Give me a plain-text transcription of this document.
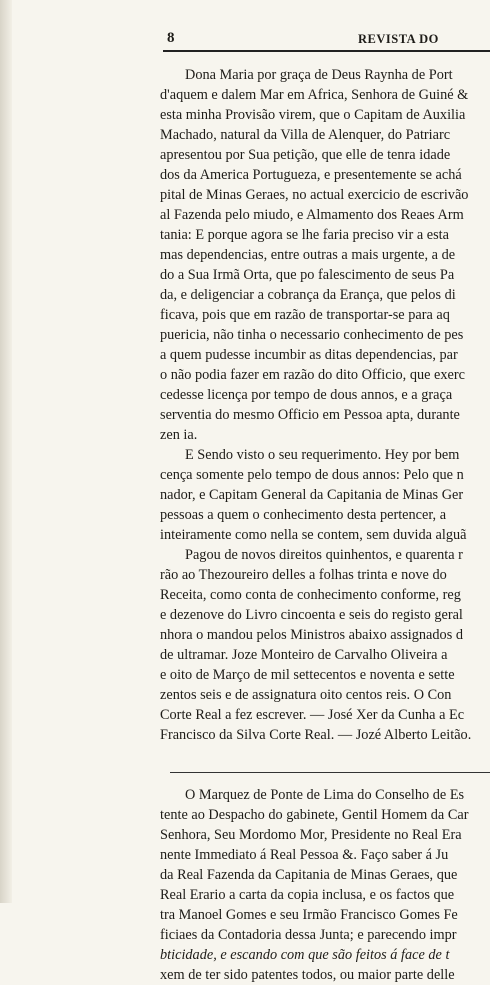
8	REVISTA DO
Dona Maria por graça de Deus Raynha de Port
d'aquem e dalem Mar em Africa, Senhora de Guiné &
esta minha Provisão virem, que o Capitam de Auxilia
Machado, natural da Villa de Alenquer, do Patriarc
apresentou por Sua petição, que elle de tenra idade
dos da America Portugueza, e presentemente se achá
pital de Minas Geraes, no actual exercicio de escrivão
al Fazenda pelo miudo, e Almamento dos Reaes Arm
tania: E porque agora se lhe faria preciso vir a esta
mas dependencias, entre outras a mais urgente, a de
do a Sua Irmã Orta, que po falescimento de seus Pa
da, e deligenciar a cobrança da Erança, que pelos di
ficava, pois que em razão de transportar-se para aq
puericia, não tinha o necessario conhecimento de pes
a quem pudesse incumbir as ditas dependencias, par
o não podia fazer em razão do dito Officio, que exerc
cedesse licença por tempo de dous annos, e a graça
serventia do mesmo Officio em Pessoa apta, durante
zen ia.
E Sendo visto o seu requerimento. Hey por bem
cença somente pelo tempo de dous annos: Pelo que n
nador, e Capitam General da Capitania de Minas Ger
pessoas a quem o conhecimento desta pertencer, a
inteiramente como nella se contem, sem duvida alguã
Pagou de novos direitos quinhentos, e quarenta r
rão ao Thezoureiro delles a folhas trinta e nove do
Receita, como conta de conhecimento conforme, reg
e dezenove do Livro cincoenta e seis do registo geral
nhora o mandou pelos Ministros abaixo assignados d
de ultramar. Joze Monteiro de Carvalho Oliveira a
e oito de Março de mil settecentos e noventa e sette
zentos seis e de assignatura oito centos reis. O Con
Corte Real a fez escrever. — José Xer da Cunha a Ec
Francisco da Silva Corte Real. — Jozé Alberto Leitão.
O Marquez de Ponte de Lima do Conselho de Es
tente ao Despacho do gabinete, Gentil Homem da Car
Senhora, Seu Mordomo Mor, Presidente no Real Era
nente Immediato á Real Pessoa &. Faço saber á Ju
da Real Fazenda da Capitania de Minas Geraes, que
Real Erario a carta da copia inclusa, e os factos que
tra Manoel Gomes e seu Irmão Francisco Gomes Fe
ficiaes da Contadoria dessa Junta; e parecendo impr
bticidade, e escando com que são feitos á face de t
xem de ter sido patentes todos, ou maior parte delle
